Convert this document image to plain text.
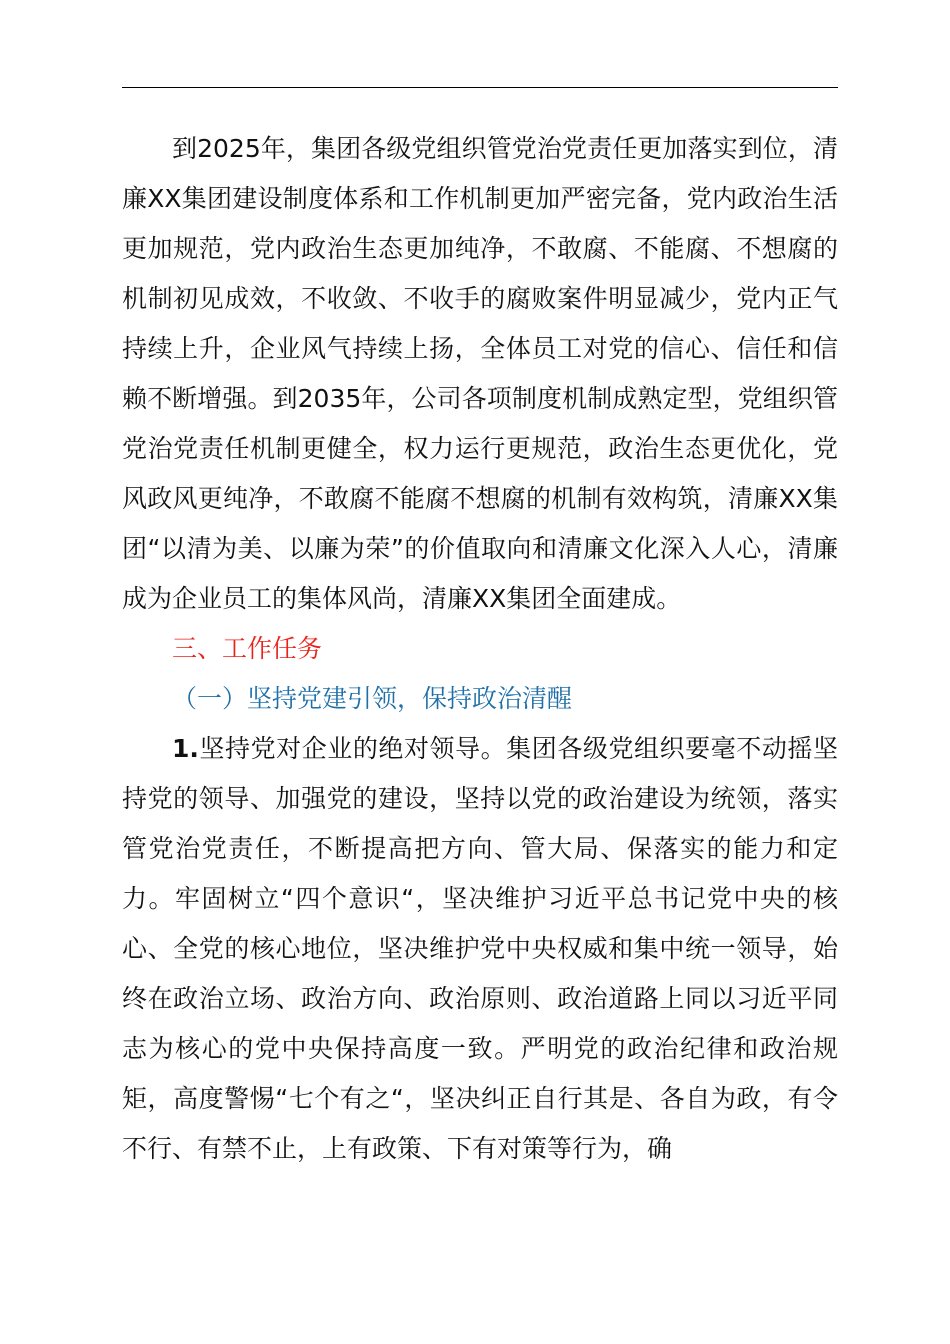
到2025年，集团各级党组织管党治党责任更加落实到位，清廉XX集团建设制度体系和工作机制更加严密完备，党内政治生活更加规范，党内政治生态更加纯净，不敢腐、不能腐、不想腐的机制初见成效，不收敛、不收手的腐败案件明显减少，党内正气持续上升，企业风气持续上扬，全体员工对党的信心、信任和信赖不断增强。到2035年，公司各项制度机制成熟定型，党组织管党治党责任机制更健全，权力运行更规范，政治生态更优化，党风政风更纯净，不敢腐不能腐不想腐的机制有效构筑，清廉XX集团“以清为美、以廉为荣”的价值取向和清廉文化深入人心，清廉成为企业员工的集体风尚，清廉XX集团全面建成。

三、工作任务

（一）坚持党建引领，保持政治清醒

1.坚持党对企业的绝对领导。集团各级党组织要毫不动摇坚持党的领导、加强党的建设，坚持以党的政治建设为统领，落实管党治党责任，不断提高把方向、管大局、保落实的能力和定力。牢固树立“四个意识“，坚决维护习近平总书记党中央的核心、全党的核心地位，坚决维护党中央权威和集中统一领导，始终在政治立场、政治方向、政治原则、政治道路上同以习近平同志为核心的党中央保持高度一致。严明党的政治纪律和政治规矩，高度警惕“七个有之“，坚决纠正自行其是、各自为政，有令不行、有禁不止，上有政策、下有对策等行为，确
